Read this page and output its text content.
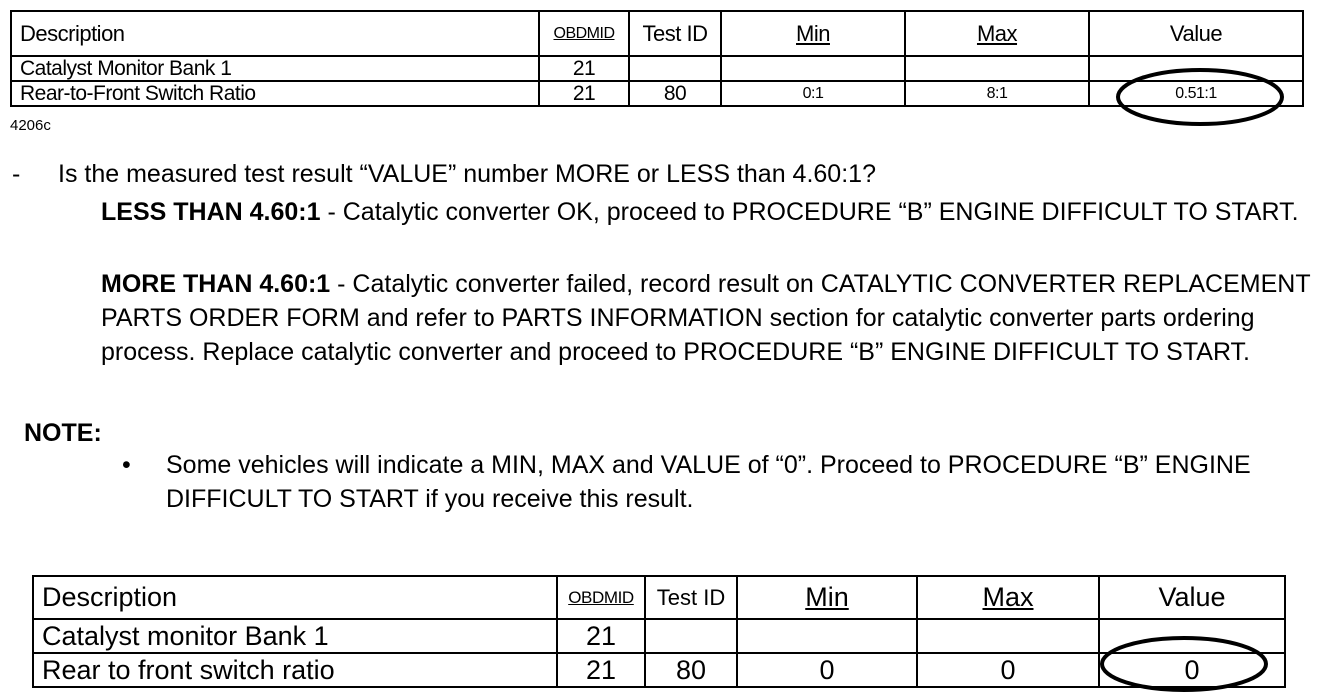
Description	OBDMID	Test ID	Min	Max	Value
Catalyst Monitor Bank 1	21				
Rear-to-Front Switch Ratio	21	80	0:1	8:1	0.51:1
4206c
- Is the measured test result “VALUE” number MORE or LESS than 4.60:1?
LESS THAN 4.60:1 - Catalytic converter OK, proceed to PROCEDURE “B” ENGINE DIFFICULT TO START.
MORE THAN 4.60:1 - Catalytic converter failed, record result on CATALYTIC CONVERTER REPLACEMENT PARTS ORDER FORM and refer to PARTS INFORMATION section for catalytic converter parts ordering process. Replace catalytic converter and proceed to PROCEDURE “B” ENGINE DIFFICULT TO START.
NOTE:
• Some vehicles will indicate a MIN, MAX and VALUE of “0”. Proceed to PROCEDURE “B” ENGINE DIFFICULT TO START if you receive this result.
Description	OBDMID	Test ID	Min	Max	Value
Catalyst monitor Bank 1	21				
Rear to front switch ratio	21	80	0	0	0
